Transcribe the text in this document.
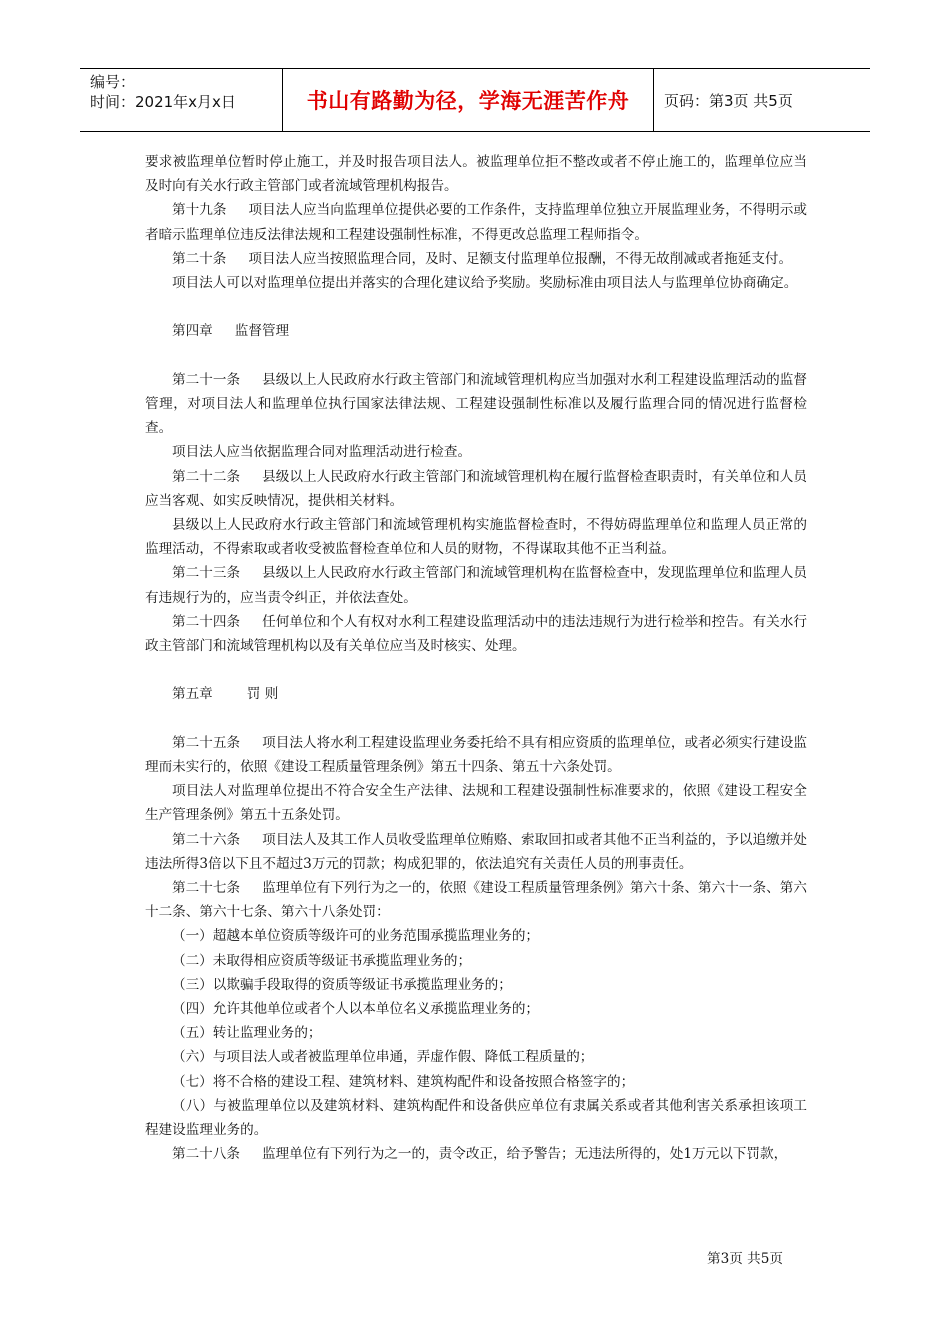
编号：
时间：2021年x月x日	书山有路勤为径，学海无涯苦作舟	页码：第3页 共5页

要求被监理单位暂时停止施工，并及时报告项目法人。被监理单位拒不整改或者不停止施工的，监理单位应当及时向有关水行政主管部门或者流域管理机构报告。

第十九条 项目法人应当向监理单位提供必要的工作条件，支持监理单位独立开展监理业务，不得明示或者暗示监理单位违反法律法规和工程建设强制性标准，不得更改总监理工程师指令。

第二十条 项目法人应当按照监理合同，及时、足额支付监理单位报酬，不得无故削减或者拖延支付。

项目法人可以对监理单位提出并落实的合理化建议给予奖励。奖励标准由项目法人与监理单位协商确定。

第四章 监督管理

第二十一条 县级以上人民政府水行政主管部门和流域管理机构应当加强对水利工程建设监理活动的监督管理，对项目法人和监理单位执行国家法律法规、工程建设强制性标准以及履行监理合同的情况进行监督检查。

项目法人应当依据监理合同对监理活动进行检查。

第二十二条 县级以上人民政府水行政主管部门和流域管理机构在履行监督检查职责时，有关单位和人员应当客观、如实反映情况，提供相关材料。

县级以上人民政府水行政主管部门和流域管理机构实施监督检查时，不得妨碍监理单位和监理人员正常的监理活动，不得索取或者收受被监督检查单位和人员的财物，不得谋取其他不正当利益。

第二十三条 县级以上人民政府水行政主管部门和流域管理机构在监督检查中，发现监理单位和监理人员有违规行为的，应当责令纠正，并依法查处。

第二十四条 任何单位和个人有权对水利工程建设监理活动中的违法违规行为进行检举和控告。有关水行政主管部门和流域管理机构以及有关单位应当及时核实、处理。

第五章	罚 则

第二十五条 项目法人将水利工程建设监理业务委托给不具有相应资质的监理单位，或者必须实行建设监理而未实行的，依照《建设工程质量管理条例》第五十四条、第五十六条处罚。

项目法人对监理单位提出不符合安全生产法律、法规和工程建设强制性标准要求的，依照《建设工程安全生产管理条例》第五十五条处罚。

第二十六条 项目法人及其工作人员收受监理单位贿赂、索取回扣或者其他不正当利益的，予以追缴并处违法所得3倍以下且不超过3万元的罚款；构成犯罪的，依法追究有关责任人员的刑事责任。

第二十七条 监理单位有下列行为之一的，依照《建设工程质量管理条例》第六十条、第六十一条、第六十二条、第六十七条、第六十八条处罚：

（一）超越本单位资质等级许可的业务范围承揽监理业务的；

（二）未取得相应资质等级证书承揽监理业务的；

（三）以欺骗手段取得的资质等级证书承揽监理业务的；

（四）允许其他单位或者个人以本单位名义承揽监理业务的；

（五）转让监理业务的；

（六）与项目法人或者被监理单位串通，弄虚作假、降低工程质量的；

（七）将不合格的建设工程、建筑材料、建筑构配件和设备按照合格签字的；

（八）与被监理单位以及建筑材料、建筑构配件和设备供应单位有隶属关系或者其他利害关系承担该项工程建设监理业务的。

第二十八条 监理单位有下列行为之一的，责令改正，给予警告；无违法所得的，处1万元以下罚款，

第3页 共5页
